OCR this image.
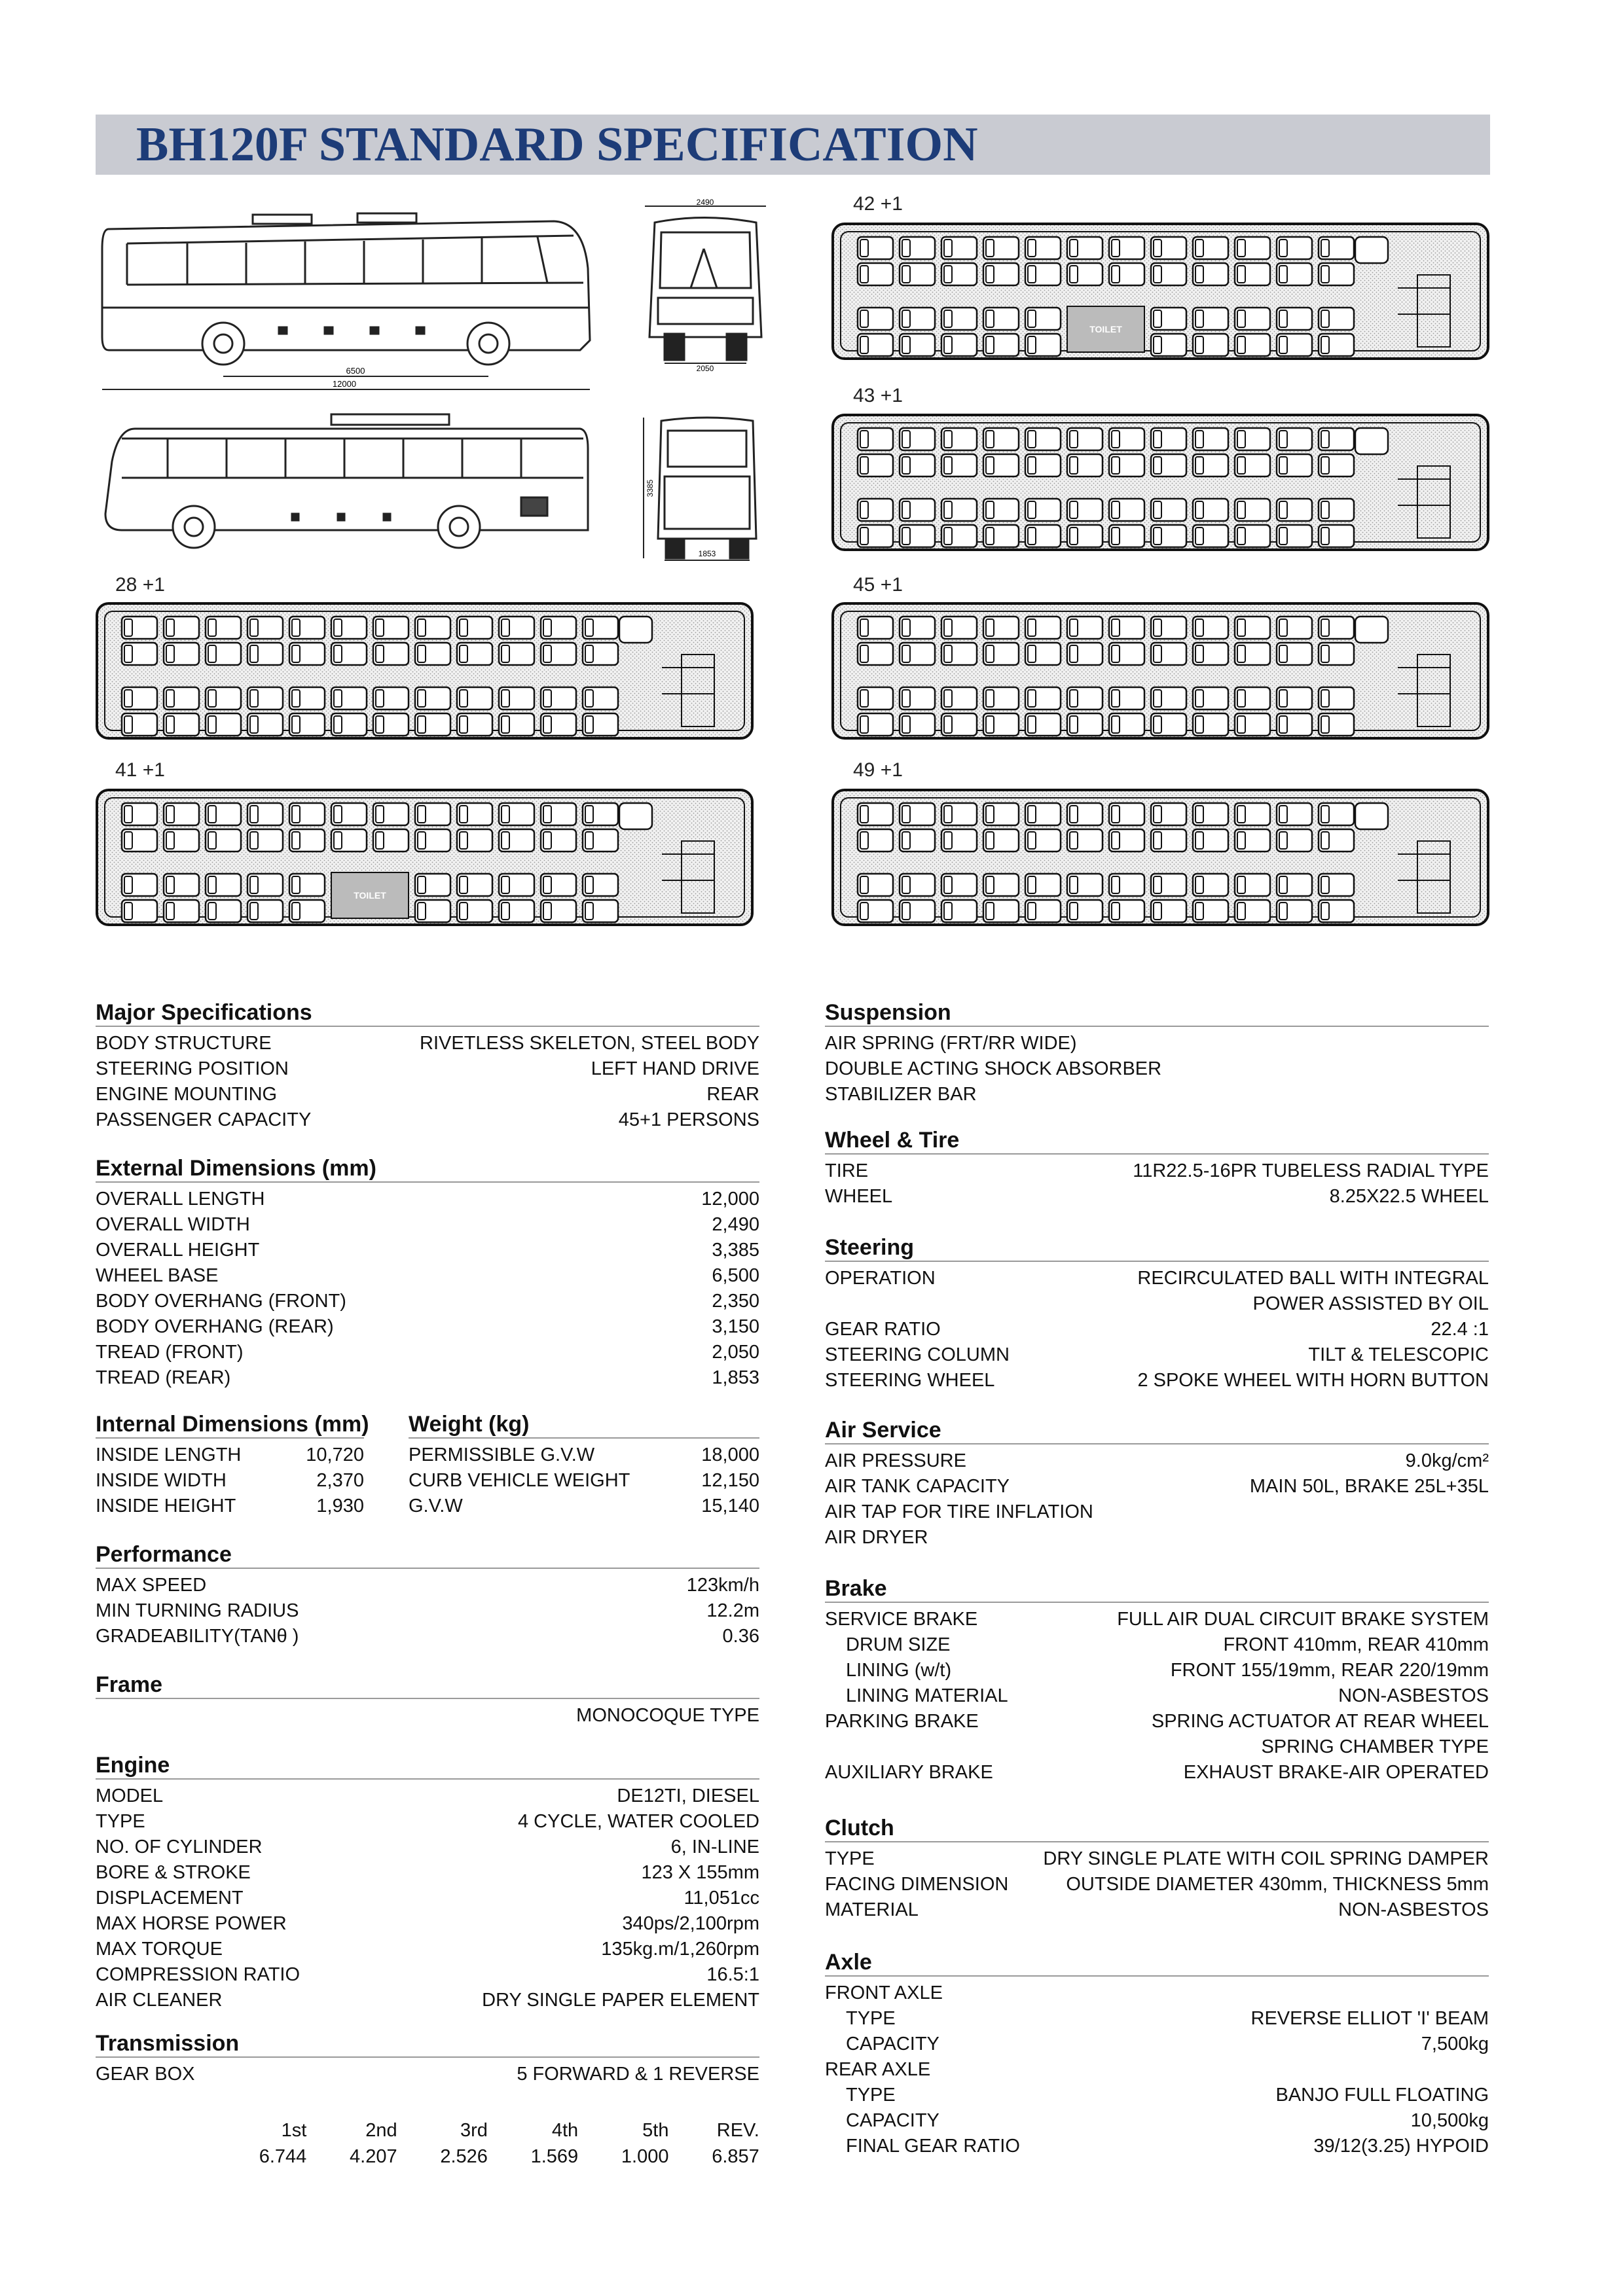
BH120F STANDARD SPECIFICATION
6500
12000
2490
2050
3385
1853
42 +1
43 +1
28 +1	45 +1
41 +1	49 +1
TOILET
TOILET
Major Specifications
BODY STRUCTURE	RIVETLESS SKELETON, STEEL BODY
STEERING POSITION	LEFT HAND DRIVE
ENGINE MOUNTING	REAR
PASSENGER CAPACITY	45+1 PERSONS
External Dimensions (mm)
OVERALL LENGTH	12,000
OVERALL WIDTH	2,490
OVERALL HEIGHT	3,385
WHEEL BASE	6,500
BODY OVERHANG (FRONT)	2,350
BODY OVERHANG (REAR)	3,150
TREAD (FRONT)	2,050
TREAD (REAR)	1,853
Internal Dimensions (mm)
INSIDE LENGTH	10,720
INSIDE WIDTH	2,370
INSIDE HEIGHT	1,930
Weight (kg)
PERMISSIBLE G.V.W	18,000
CURB VEHICLE WEIGHT	12,150
G.V.W	15,140
Performance
MAX SPEED	123km/h
MIN TURNING RADIUS	12.2m
GRADEABILITY(TANθ )	0.36
Frame
MONOCOQUE TYPE
Engine
MODEL	DE12TI, DIESEL
TYPE	4 CYCLE, WATER COOLED
NO. OF CYLINDER	6, IN-LINE
BORE & STROKE	123 X 155mm
DISPLACEMENT	11,051cc
MAX HORSE POWER	340ps/2,100rpm
MAX TORQUE	135kg.m/1,260rpm
COMPRESSION RATIO	16.5:1
AIR CLEANER	DRY SINGLE PAPER ELEMENT
Transmission
GEAR BOX	5 FORWARD & 1 REVERSE
1st	2nd	3rd	4th	5th	REV.
6.744	4.207	2.526	1.569	1.000	6.857
Suspension
AIR SPRING (FRT/RR WIDE)
DOUBLE ACTING SHOCK ABSORBER
STABILIZER BAR
Wheel & Tire
TIRE	11R22.5-16PR TUBELESS RADIAL TYPE
WHEEL	8.25X22.5 WHEEL
Steering
OPERATION	RECIRCULATED BALL WITH INTEGRAL
POWER ASSISTED BY OIL
GEAR RATIO	22.4 :1
STEERING COLUMN	TILT & TELESCOPIC
STEERING WHEEL	2 SPOKE WHEEL WITH HORN BUTTON
Air Service
AIR PRESSURE	9.0kg/cm²
AIR TANK CAPACITY	MAIN 50L, BRAKE 25L+35L
AIR TAP FOR TIRE INFLATION
AIR DRYER
Brake
SERVICE BRAKE	FULL AIR DUAL CIRCUIT BRAKE SYSTEM
DRUM SIZE	FRONT 410mm, REAR 410mm
LINING (w/t)	FRONT 155/19mm, REAR 220/19mm
LINING MATERIAL	NON-ASBESTOS
PARKING BRAKE	SPRING ACTUATOR AT REAR WHEEL
SPRING CHAMBER TYPE
AUXILIARY BRAKE	EXHAUST BRAKE-AIR OPERATED
Clutch
TYPE	DRY SINGLE PLATE WITH COIL SPRING DAMPER
FACING DIMENSION	OUTSIDE DIAMETER 430mm, THICKNESS 5mm
MATERIAL	NON-ASBESTOS
Axle
FRONT AXLE
TYPE	REVERSE ELLIOT 'I' BEAM
CAPACITY	7,500kg
REAR AXLE
TYPE	BANJO FULL FLOATING
CAPACITY	10,500kg
FINAL GEAR RATIO	39/12(3.25) HYPOID
